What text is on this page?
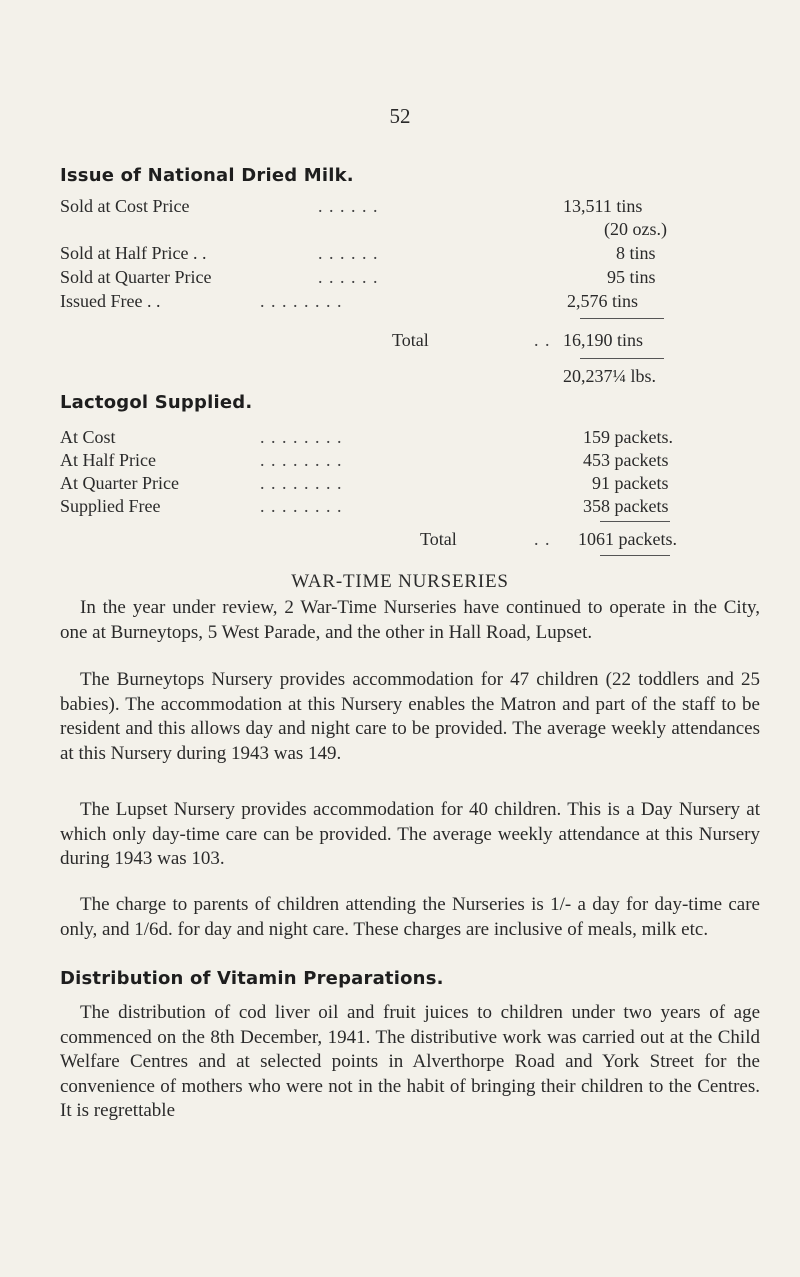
52
Issue of National Dried Milk.
Sold at Cost Price	. . . . . .	13,511 tins
(20 ozs.)
Sold at Half Price . .	. . . . . .	8 tins
Sold at Quarter Price	. . . . . .	95 tins
Issued Free . .	. . . . . . . .	2,576 tins
Total	. . 16,190 tins
20,237¼ lbs.
Lactogol Supplied.
At Cost	. . . . . . . .	159 packets.
At Half Price	. . . . . . . .	453 packets
At Quarter Price	. . . . . . . .	91 packets
Supplied Free	. . . . . . . .	358 packets
Total	. . 1061 packets.
WAR-TIME NURSERIES

In the year under review, 2 War-Time Nurseries have continued to operate in the City, one at Burneytops, 5 West Parade, and the other in Hall Road, Lupset.

The Burneytops Nursery provides accommodation for 47 children (22 toddlers and 25 babies). The accommodation at this Nursery enables the Matron and part of the staff to be resident and this allows day and night care to be provided. The average weekly attendances at this Nursery during 1943 was 149.

The Lupset Nursery provides accommodation for 40 children. This is a Day Nursery at which only day-time care can be provided. The average weekly attendance at this Nursery during 1943 was 103.

The charge to parents of children attending the Nurseries is 1/- a day for day-time care only, and 1/6d. for day and night care. These charges are inclusive of meals, milk etc.

Distribution of Vitamin Preparations.

The distribution of cod liver oil and fruit juices to children under two years of age commenced on the 8th December, 1941. The distributive work was carried out at the Child Welfare Centres and at selected points in Alverthorpe Road and York Street for the convenience of mothers who were not in the habit of bringing their children to the Centres. It is regrettable
